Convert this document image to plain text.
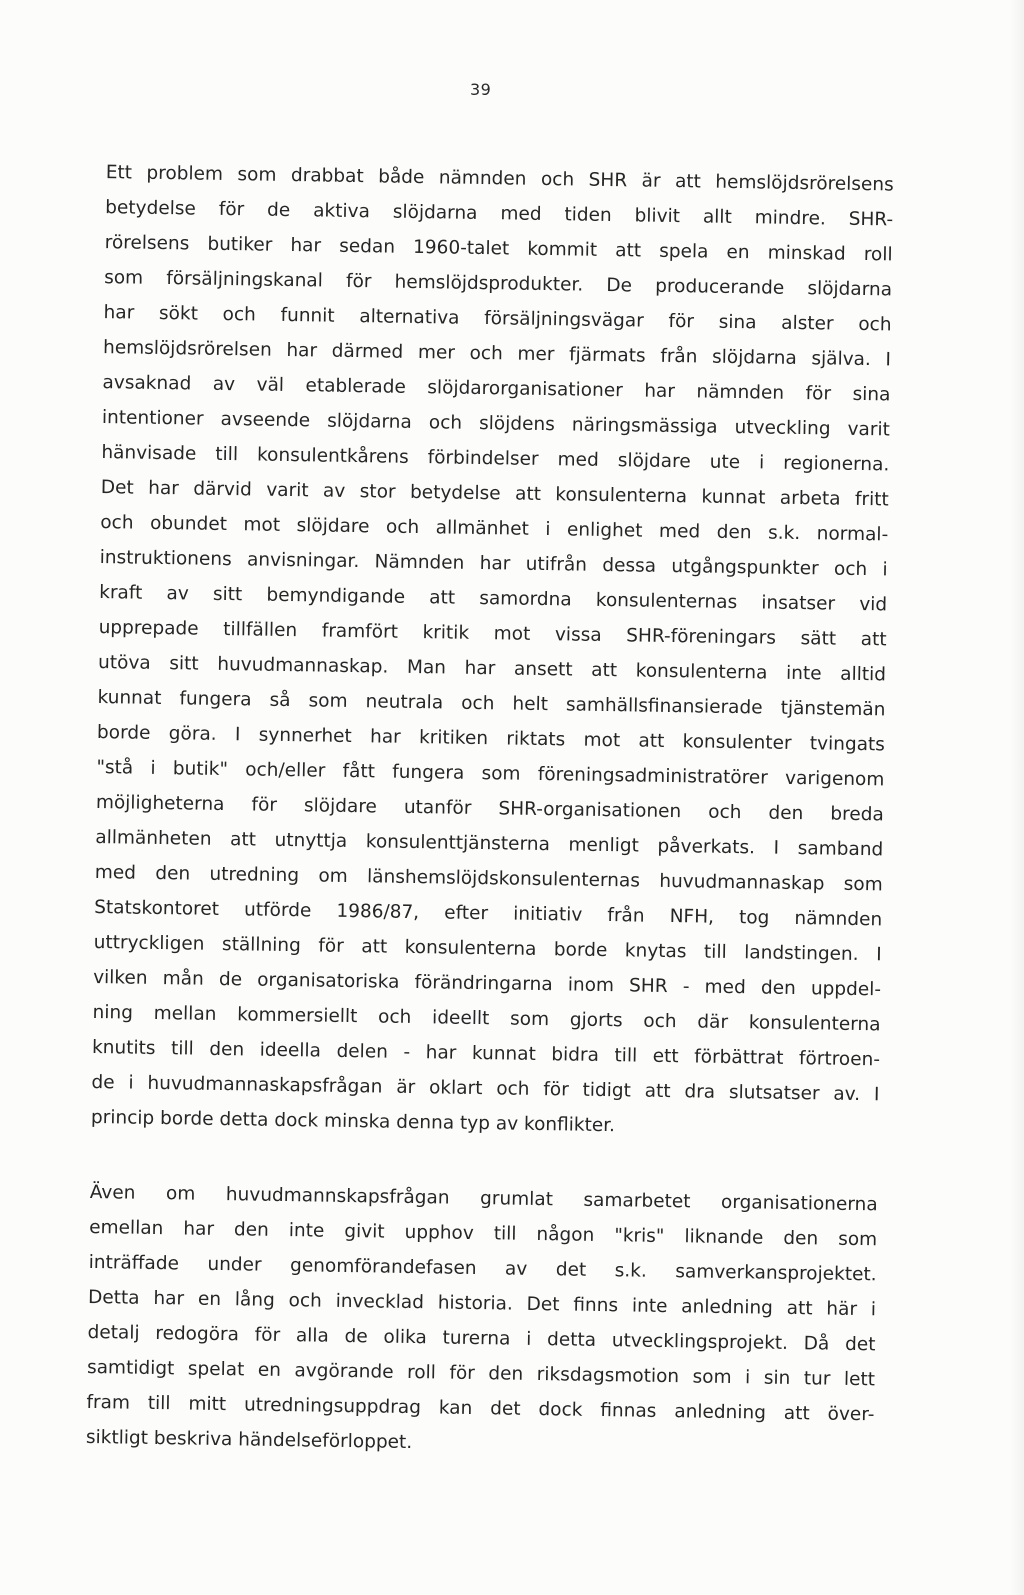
39
Ett problem som drabbat både nämnden och SHR är att hemslöjdsrörelsens
betydelse för de aktiva slöjdarna med tiden blivit allt mindre. SHR-
rörelsens butiker har sedan 1960-talet kommit att spela en minskad roll
som försäljningskanal för hemslöjdsprodukter. De producerande slöjdarna
har sökt och funnit alternativa försäljningsvägar för sina alster och
hemslöjdsrörelsen har därmed mer och mer fjärmats från slöjdarna själva. I
avsaknad av väl etablerade slöjdarorganisationer har nämnden för sina
intentioner avseende slöjdarna och slöjdens näringsmässiga utveckling varit
hänvisade till konsulentkårens förbindelser med slöjdare ute i regionerna.
Det har därvid varit av stor betydelse att konsulenterna kunnat arbeta fritt
och obundet mot slöjdare och allmänhet i enlighet med den s.k. normal-
instruktionens anvisningar. Nämnden har utifrån dessa utgångspunkter och i
kraft av sitt bemyndigande att samordna konsulenternas insatser vid
upprepade tillfällen framfört kritik mot vissa SHR-föreningars sätt att
utöva sitt huvudmannaskap. Man har ansett att konsulenterna inte alltid
kunnat fungera så som neutrala och helt samhällsfinansierade tjänstemän
borde göra. I synnerhet har kritiken riktats mot att konsulenter tvingats
"stå i butik" och/eller fått fungera som föreningsadministratörer varigenom
möjligheterna för slöjdare utanför SHR-organisationen och den breda
allmänheten att utnyttja konsulenttjänsterna menligt påverkats. I samband
med den utredning om länshemslöjdskonsulenternas huvudmannaskap som
Statskontoret utförde 1986/87, efter initiativ från NFH, tog nämnden
uttryckligen ställning för att konsulenterna borde knytas till landstingen. I
vilken mån de organisatoriska förändringarna inom SHR - med den uppdel-
ning mellan kommersiellt och ideellt som gjorts och där konsulenterna
knutits till den ideella delen - har kunnat bidra till ett förbättrat förtroen-
de i huvudmannaskapsfrågan är oklart och för tidigt att dra slutsatser av. I
princip borde detta dock minska denna typ av konflikter.
Även om huvudmannskapsfrågan grumlat samarbetet organisationerna
emellan har den inte givit upphov till någon "kris" liknande den som
inträffade under genomförandefasen av det s.k. samverkansprojektet.
Detta har en lång och invecklad historia. Det finns inte anledning att här i
detalj redogöra för alla de olika turerna i detta utvecklingsprojekt. Då det
samtidigt spelat en avgörande roll för den riksdagsmotion som i sin tur lett
fram till mitt utredningsuppdrag kan det dock finnas anledning att över-
siktligt beskriva händelseförloppet.
